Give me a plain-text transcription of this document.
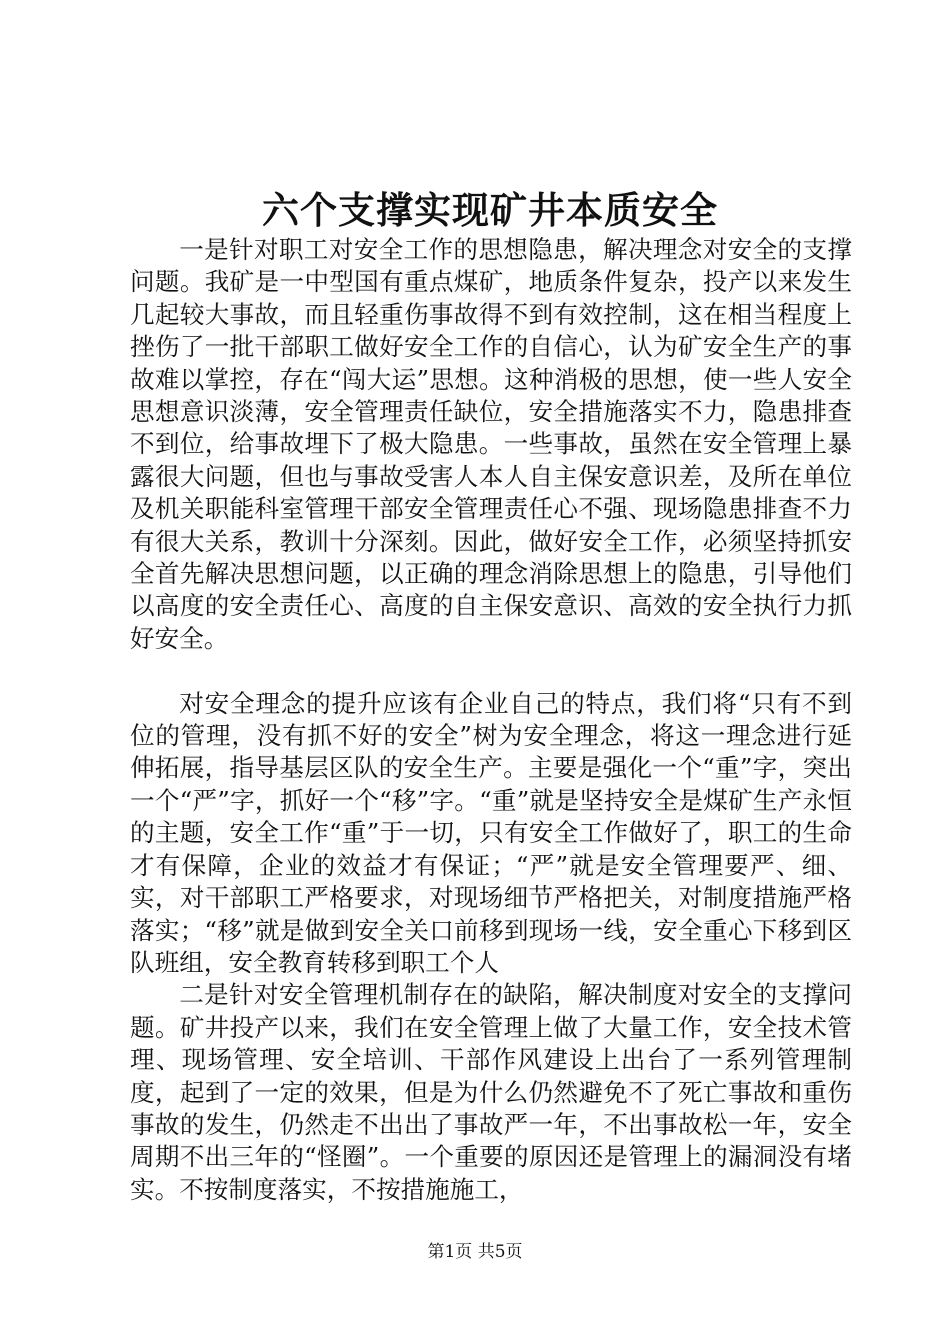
六个支撑实现矿井本质安全

一是针对职工对安全工作的思想隐患，解决理念对安全的支撑问题。我矿是一中型国有重点煤矿，地质条件复杂，投产以来发生几起较大事故，而且轻重伤事故得不到有效控制，这在相当程度上挫伤了一批干部职工做好安全工作的自信心，认为矿安全生产的事故难以掌控，存在“闯大运”思想。这种消极的思想，使一些人安全思想意识淡薄，安全管理责任缺位，安全措施落实不力，隐患排查不到位，给事故埋下了极大隐患。一些事故，虽然在安全管理上暴露很大问题，但也与事故受害人本人自主保安意识差，及所在单位及机关职能科室管理干部安全管理责任心不强、现场隐患排查不力有很大关系，教训十分深刻。因此，做好安全工作，必须坚持抓安全首先解决思想问题，以正确的理念消除思想上的隐患，引导他们以高度的安全责任心、高度的自主保安意识、高效的安全执行力抓好安全。

对安全理念的提升应该有企业自己的特点，我们将“只有不到位的管理，没有抓不好的安全”树为安全理念，将这一理念进行延伸拓展，指导基层区队的安全生产。主要是强化一个“重”字，突出一个“严”字，抓好一个“移”字。“重”就是坚持安全是煤矿生产永恒的主题，安全工作“重”于一切，只有安全工作做好了，职工的生命才有保障，企业的效益才有保证；“严”就是安全管理要严、细、实，对干部职工严格要求，对现场细节严格把关，对制度措施严格落实；“移”就是做到安全关口前移到现场一线，安全重心下移到区队班组，安全教育转移到职工个人

二是针对安全管理机制存在的缺陷，解决制度对安全的支撑问题。矿井投产以来，我们在安全管理上做了大量工作，安全技术管理、现场管理、安全培训、干部作风建设上出台了一系列管理制度，起到了一定的效果，但是为什么仍然避免不了死亡事故和重伤事故的发生，仍然走不出出了事故严一年，不出事故松一年，安全周期不出三年的“怪圈”。一个重要的原因还是管理上的漏洞没有堵实。不按制度落实，不按措施施工，

第1页 共5页
